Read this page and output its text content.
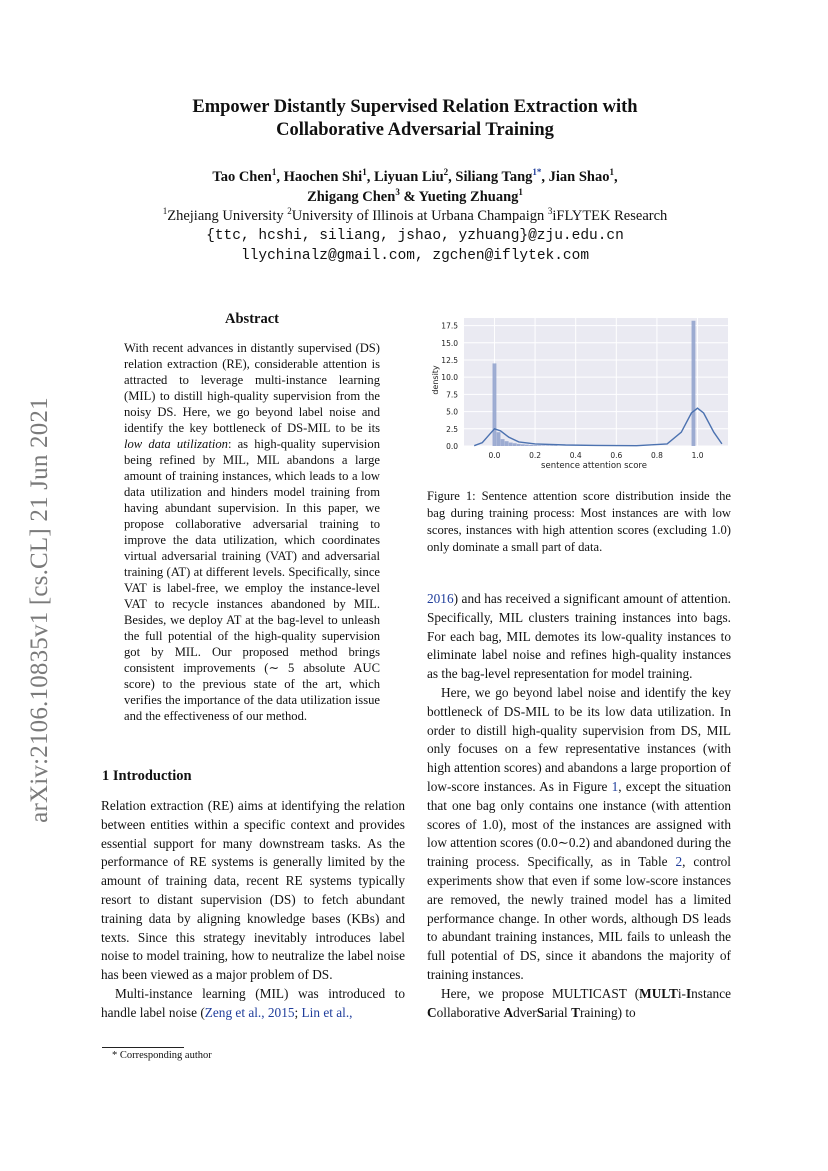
arXiv:2106.10835v1 [cs.CL] 21 Jun 2021
Empower Distantly Supervised Relation Extraction with
Collaborative Adversarial Training
Tao Chen$^1$, Haochen Shi$^1$, Liyuan Liu$^2$, Siliang Tang$^{1*}$, Jian Shao$^1$,
Zhigang Chen$^3$ & Yueting Zhuang$^1$
$^1$Zhejiang University $^2$University of Illinois at Urbana Champaign $^3$iFLYTEK Research
{ttc, hcshi, siliang, jshao, yzhuang}@zju.edu.cn
llychinalz@gmail.com, zgchen@iflytek.com
Abstract
With recent advances in distantly supervised (DS) relation extraction (RE), considerable attention is attracted to leverage multi-instance learning (MIL) to distill high-quality supervision from the noisy DS. Here, we go beyond label noise and identify the key bottleneck of DS-MIL to be its low data utilization: as high-quality supervision being refined by MIL, MIL abandons a large amount of training instances, which leads to a low data utilization and hinders model training from having abundant supervision. In this paper, we propose collaborative adversarial training to improve the data utilization, which coordinates virtual adversarial training (VAT) and adversarial training (AT) at different levels. Specifically, since VAT is label-free, we employ the instance-level VAT to recycle instances abandoned by MIL. Besides, we deploy AT at the bag-level to unleash the full potential of the high-quality supervision got by MIL. Our proposed method brings consistent improvements (∼ 5 absolute AUC score) to the previous state of the art, which verifies the importance of the data utilization issue and the effectiveness of our method.
1 Introduction

Relation extraction (RE) aims at identifying the relation between entities within a specific context and provides essential support for many downstream tasks. As the performance of RE systems is generally limited by the amount of training data, recent RE systems typically resort to distant supervision (DS) to fetch abundant training data by aligning knowledge bases (KBs) and texts. Since this strategy inevitably introduces label noise to model training, how to neutralize the label noise has been viewed as a major problem of DS.

Multi-instance learning (MIL) was introduced to handle label noise (Zeng et al., 2015; Lin et al.,

* Corresponding author
0.0
2.5
5.0
7.5
10.0
12.5
15.0
17.5
0.0	0.2	0.4	0.6	0.8	1.0
density
sentence attention score
Figure 1: Sentence attention score distribution inside the bag during training process: Most instances are with low scores, instances with high attention scores (excluding 1.0) only dominate a small part of data.

2016) and has received a significant amount of attention. Specifically, MIL clusters training instances into bags. For each bag, MIL demotes its low-quality instances to eliminate label noise and refines high-quality instances as the bag-level representation for model training.

Here, we go beyond label noise and identify the key bottleneck of DS-MIL to be its low data utilization. In order to distill high-quality supervision from DS, MIL only focuses on a few representative instances (with high attention scores) and abandons a large proportion of low-score instances. As in Figure 1, except the situation that one bag only contains one instance (with attention scores of 1.0), most of the instances are assigned with low attention scores (0.0∼0.2) and abandoned during the training process. Specifically, as in Table 2, control experiments show that even if some low-score instances are removed, the newly trained model has a limited performance change. In other words, although DS leads to abundant training instances, MIL fails to unleash the full potential of DS, since it abandons the majority of training instances.

Here, we propose MULTICAST (MULTi-Instance Collaborative AdverSarial Training) to
